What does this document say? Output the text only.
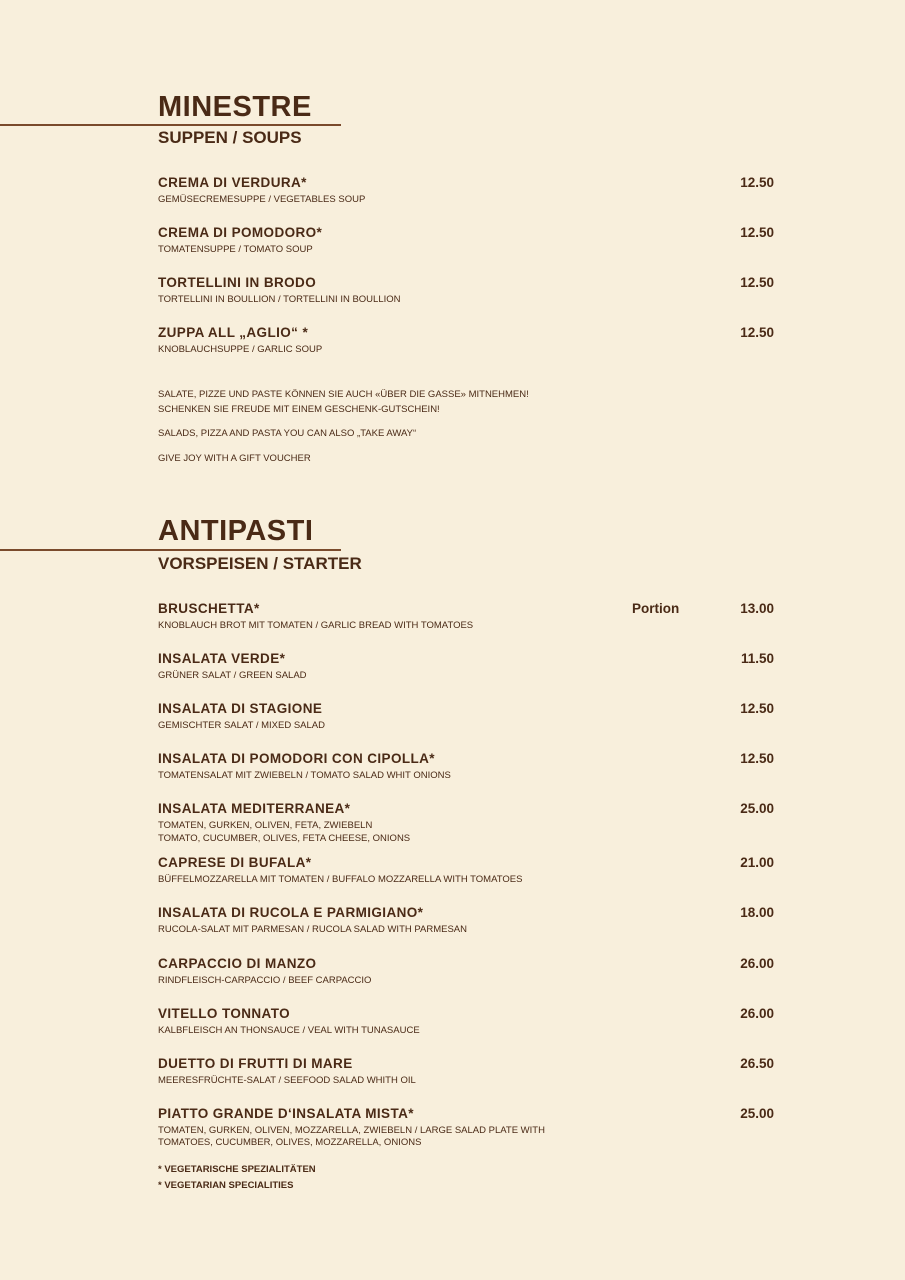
MINESTRE
SUPPEN / SOUPS
CREMA DI VERDURA*
GEMÜSECREMESUPPE / VEGETABLES SOUP
12.50
CREMA DI POMODORO*
TOMATENSUPPE / TOMATO SOUP
12.50
TORTELLINI IN BRODO
TORTELLINI IN BOULLION / TORTELLINI IN BOULLION
12.50
ZUPPA ALL „AGLIO“ *
KNOBLAUCHSUPPE / GARLIC SOUP
12.50
SALATE, PIZZE UND PASTE KÖNNEN SIE AUCH «ÜBER DIE GASSE» MITNEHMEN!
SCHENKEN SIE FREUDE MIT EINEM GESCHENK-GUTSCHEIN!
SALADS, PIZZA AND PASTA YOU CAN ALSO „TAKE AWAY“
GIVE JOY WITH A GIFT VOUCHER
ANTIPASTI
VORSPEISEN / STARTER
BRUSCHETTA*
KNOBLAUCH BROT MIT TOMATEN / GARLIC BREAD WITH TOMATOES
Portion	13.00
INSALATA VERDE*
GRÜNER SALAT / GREEN SALAD
11.50
INSALATA DI STAGIONE
GEMISCHTER SALAT / MIXED SALAD
12.50
INSALATA DI POMODORI CON CIPOLLA*
TOMATENSALAT MIT ZWIEBELN / TOMATO SALAD WHIT ONIONS
12.50
INSALATA MEDITERRANEA*
TOMATEN, GURKEN, OLIVEN, FETA, ZWIEBELN
TOMATO, CUCUMBER, OLIVES, FETA CHEESE, ONIONS
25.00
CAPRESE DI BUFALA*
BÜFFELMOZZARELLA MIT TOMATEN / BUFFALO MOZZARELLA WITH TOMATOES
21.00
INSALATA DI RUCOLA E PARMIGIANO*
RUCOLA-SALAT MIT PARMESAN / RUCOLA SALAD WITH PARMESAN
18.00
CARPACCIO DI MANZO
RINDFLEISCH-CARPACCIO / BEEF CARPACCIO
26.00
VITELLO TONNATO
KALBFLEISCH AN THONSAUCE / VEAL WITH TUNASAUCE
26.00
DUETTO DI FRUTTI DI MARE
MEERESFRÜCHTE-SALAT / SEEFOOD SALAD WHITH OIL
26.50
PIATTO GRANDE D‘INSALATA MISTA*
TOMATEN, GURKEN, OLIVEN, MOZZARELLA, ZWIEBELN / LARGE SALAD PLATE WITH
TOMATOES, CUCUMBER, OLIVES, MOZZARELLA, ONIONS
25.00
* VEGETARISCHE SPEZIALITÄTEN
* VEGETARIAN SPECIALITIES
